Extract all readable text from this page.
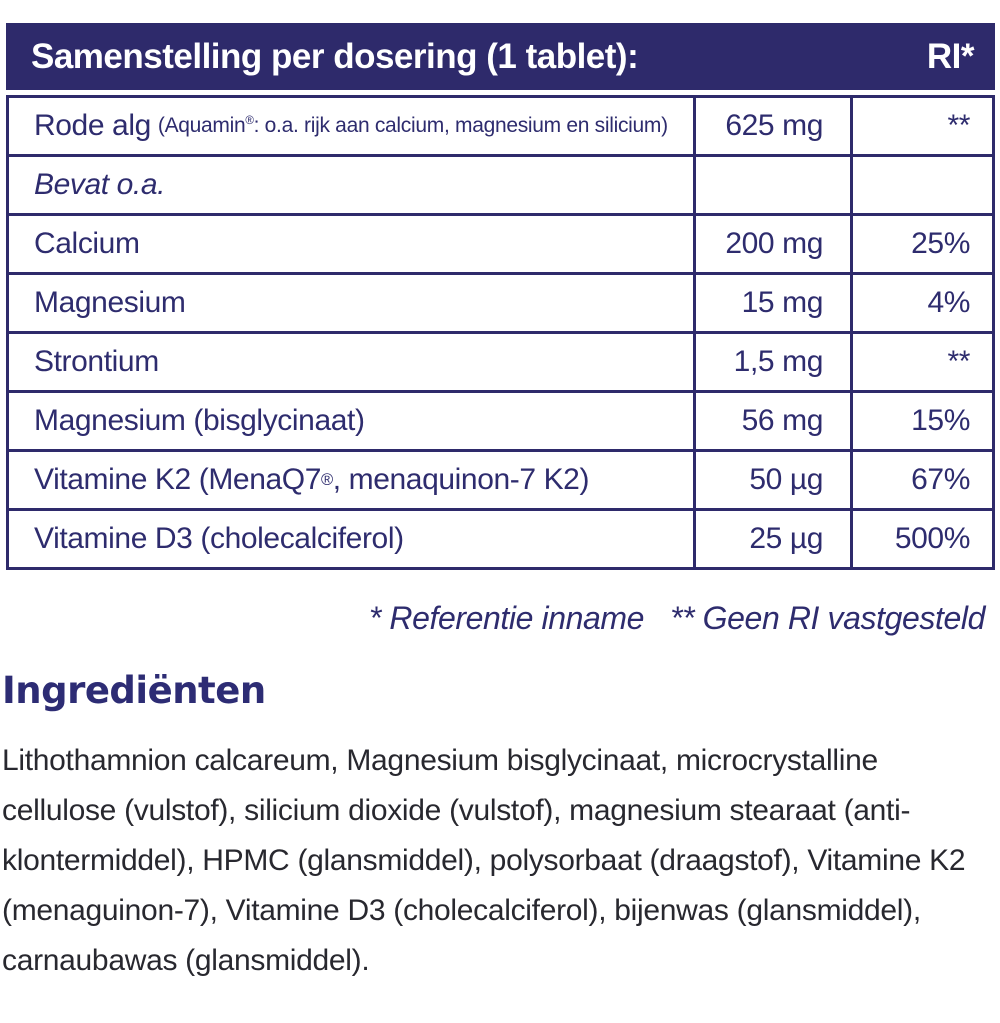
Samenstelling per dosering (1 tablet):	RI*
Rode alg (Aquamin®: o.a. rijk aan calcium, magnesium en silicium)	625 mg	**
Bevat o.a.
Calcium	200 mg	25%
Magnesium	15 mg	4%
Strontium	1,5 mg	**
Magnesium (bisglycinaat)	56 mg	15%
Vitamine K2 (MenaQ7 ® , menaquinon-7 K2)	50 µg	67%
Vitamine D3 (cholecalciferol)	25 µg	500%
* Referentie inname ** Geen RI vastgesteld
Ingrediënten
Lithothamnion calcareum, Magnesium bisglycinaat, microcrystalline cellulose (vulstof), silicium dioxide (vulstof), magnesium stearaat (anti-klontermiddel), HPMC (glansmiddel), polysorbaat (draagstof), Vitamine K2 (menaguinon-7), Vitamine D3 (cholecalciferol), bijenwas (glansmiddel), carnaubawas (glansmiddel).
